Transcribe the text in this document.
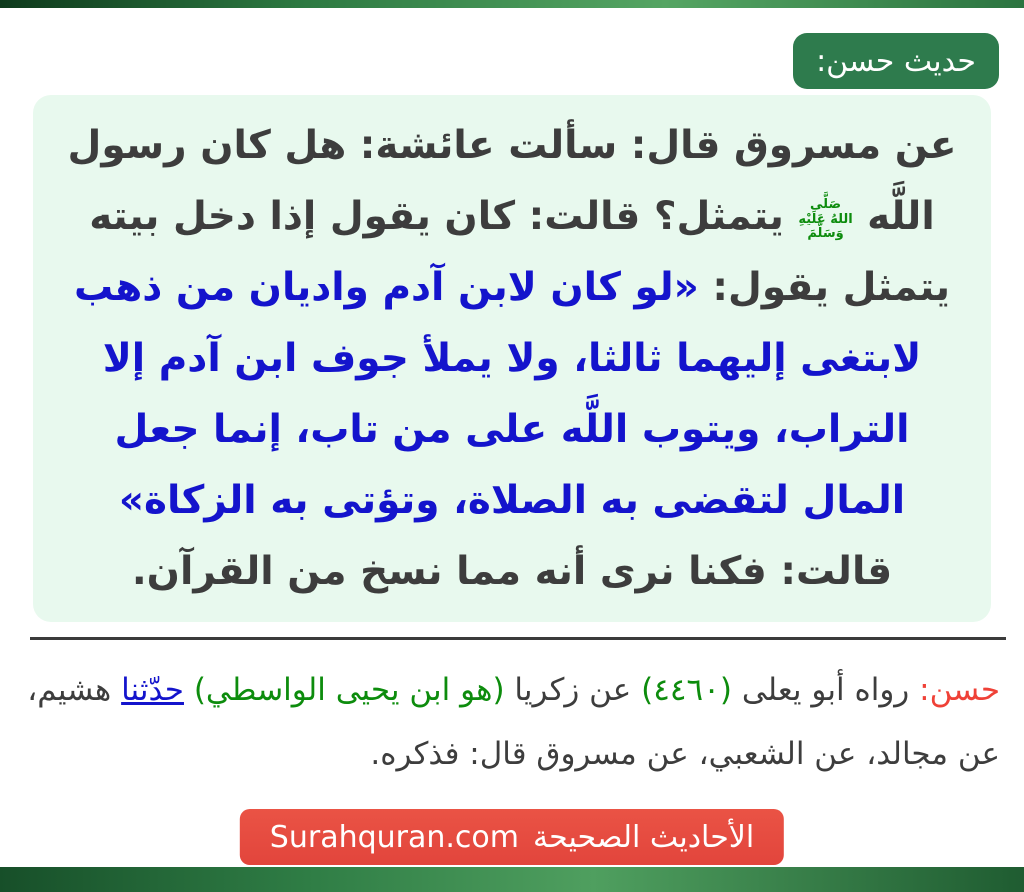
حديث حسن:

عن مسروق قال: سألت عائشة: هل كان رسول اللَّه صَلَّى اللهُ عَلَيْهِ وَسَلَّمَ يتمثل؟ قالت: كان يقول إذا دخل بيته يتمثل يقول: «لو كان لابن آدم واديان من ذهب لابتغى إليهما ثالثا، ولا يملأ جوف ابن آدم إلا التراب، ويتوب اللَّه على من تاب، إنما جعل المال لتقضى به الصلاة، وتؤتى به الزكاة» قالت: فكنا نرى أنه مما نسخ من القرآن.

حسن: رواه أبو يعلى (٤٤٦٠) عن زكريا (هو ابن يحيى الواسطي) حدّثنا هشيم، عن مجالد، عن الشعبي، عن مسروق قال: فذكره.

الأحاديث الصحيحة
Surahquran.com
